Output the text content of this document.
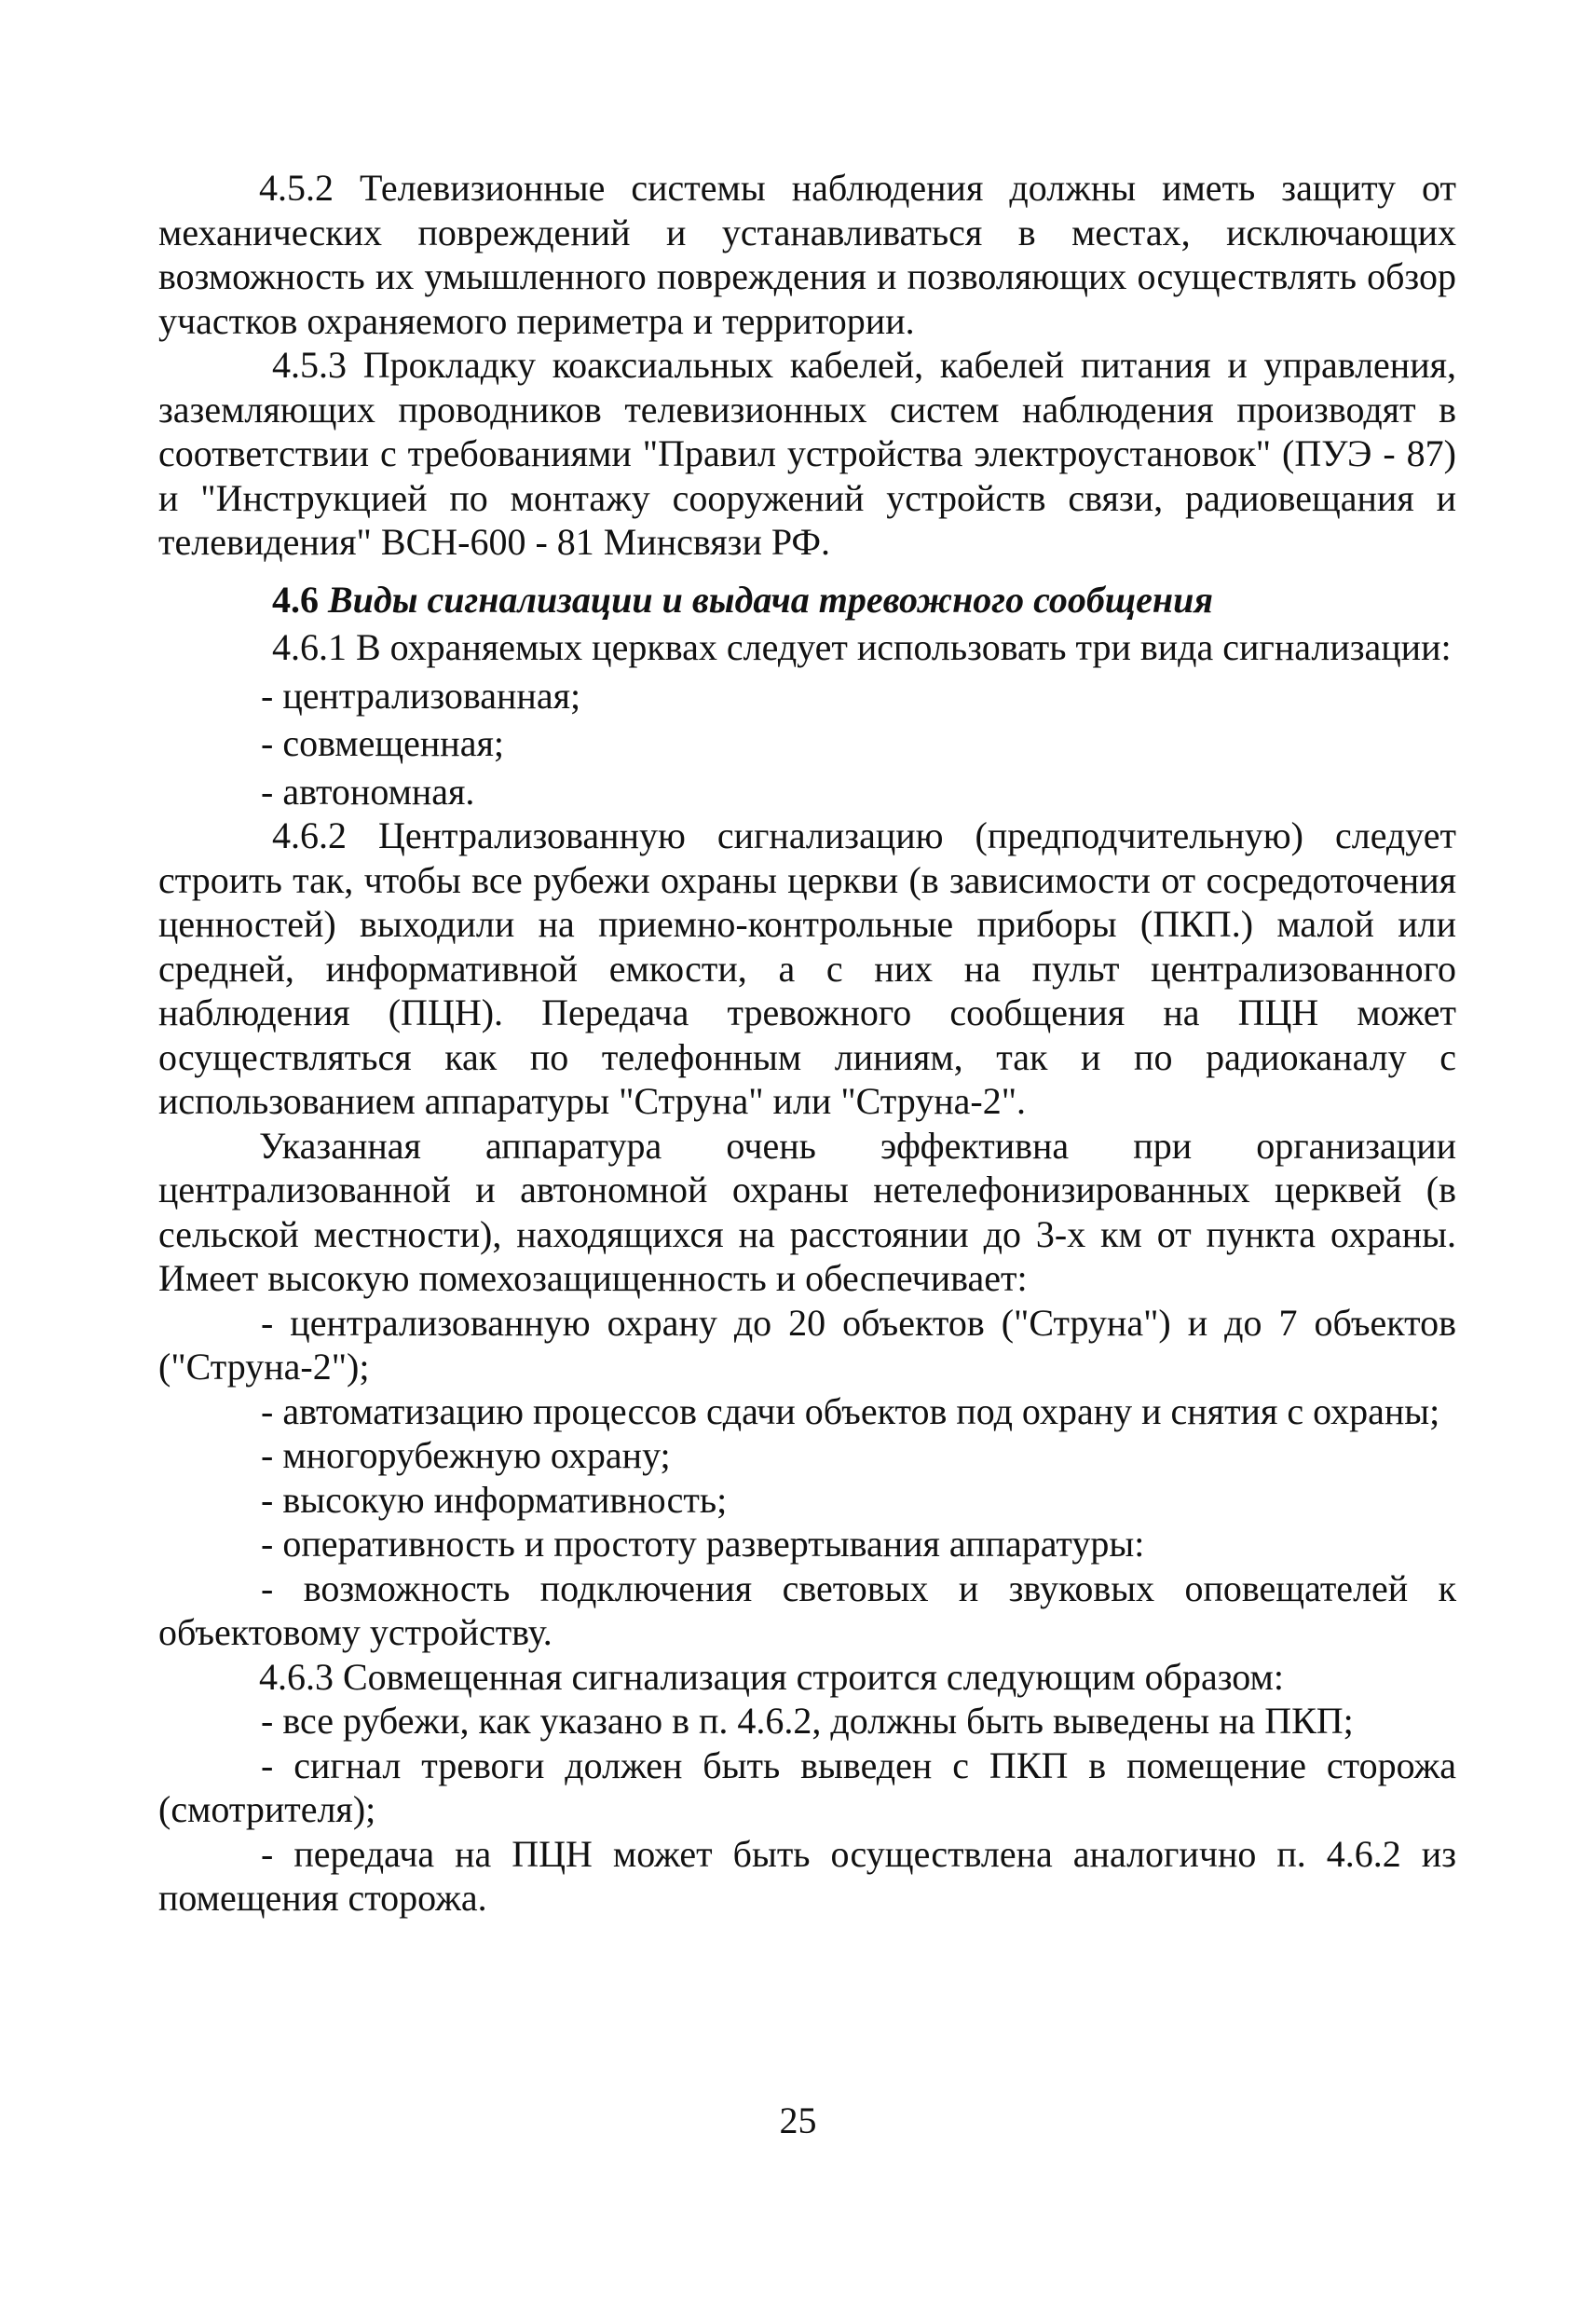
4.5.2 Телевизионные системы наблюдения должны иметь защиту от механических повреждений и устанавливаться в местах, исключающих возможность их умышленного повреждения и позволяющих осуществлять обзор участков охраняемого периметра и территории.

4.5.3 Прокладку коаксиальных кабелей, кабелей питания и управления, заземляющих проводников телевизионных систем наблюдения производят в соответствии с требованиями "Правил устройства электроустановок" (ПУЭ - 87) и "Инструкцией по монтажу сооружений устройств связи, радиовещания и телевидения" ВСН-600 - 81 Минсвязи РФ.

4.6 Виды сигнализации и выдача тревожного сообщения

4.6.1 В охраняемых церквах следует использовать три вида сигнализации:

- централизованная;

- совмещенная;

- автономная.

4.6.2 Централизованную сигнализацию (предподчительную) следует строить так, чтобы все рубежи охраны церкви (в зависимости от сосредоточения ценностей) выходили на приемно-контрольные приборы (ПКП.) малой или средней, информативной емкости, а с них на пульт централизованного наблюдения (ПЦН). Передача тревожного сообщения на ПЦН может осуществляться как по телефонным линиям, так и по радиоканалу с использованием аппаратуры "Струна" или "Струна-2".

Указанная аппаратура очень эффективна при организации централизованной и автономной охраны нетелефонизированных церквей (в сельской местности), находящихся на расстоянии до 3-х км от пункта охраны. Имеет высокую помехозащищенность и обеспечивает:

- централизованную охрану до 20 объектов ("Струна") и до 7 объектов ("Струна-2");

- автоматизацию процессов сдачи объектов под охрану и снятия с охраны;

- многорубежную охрану;

- высокую информативность;

- оперативность и простоту развертывания аппаратуры:

- возможность подключения световых и звуковых оповещателей к объектовому устройству.

4.6.3 Совмещенная сигнализация строится следующим образом:

- все рубежи, как указано в п. 4.6.2, должны быть выведены на ПКП;

- сигнал тревоги должен быть выведен с ПКП в помещение сторожа (смотрителя);

- передача на ПЦН может быть осуществлена аналогично п. 4.6.2 из помещения сторожа.

25
